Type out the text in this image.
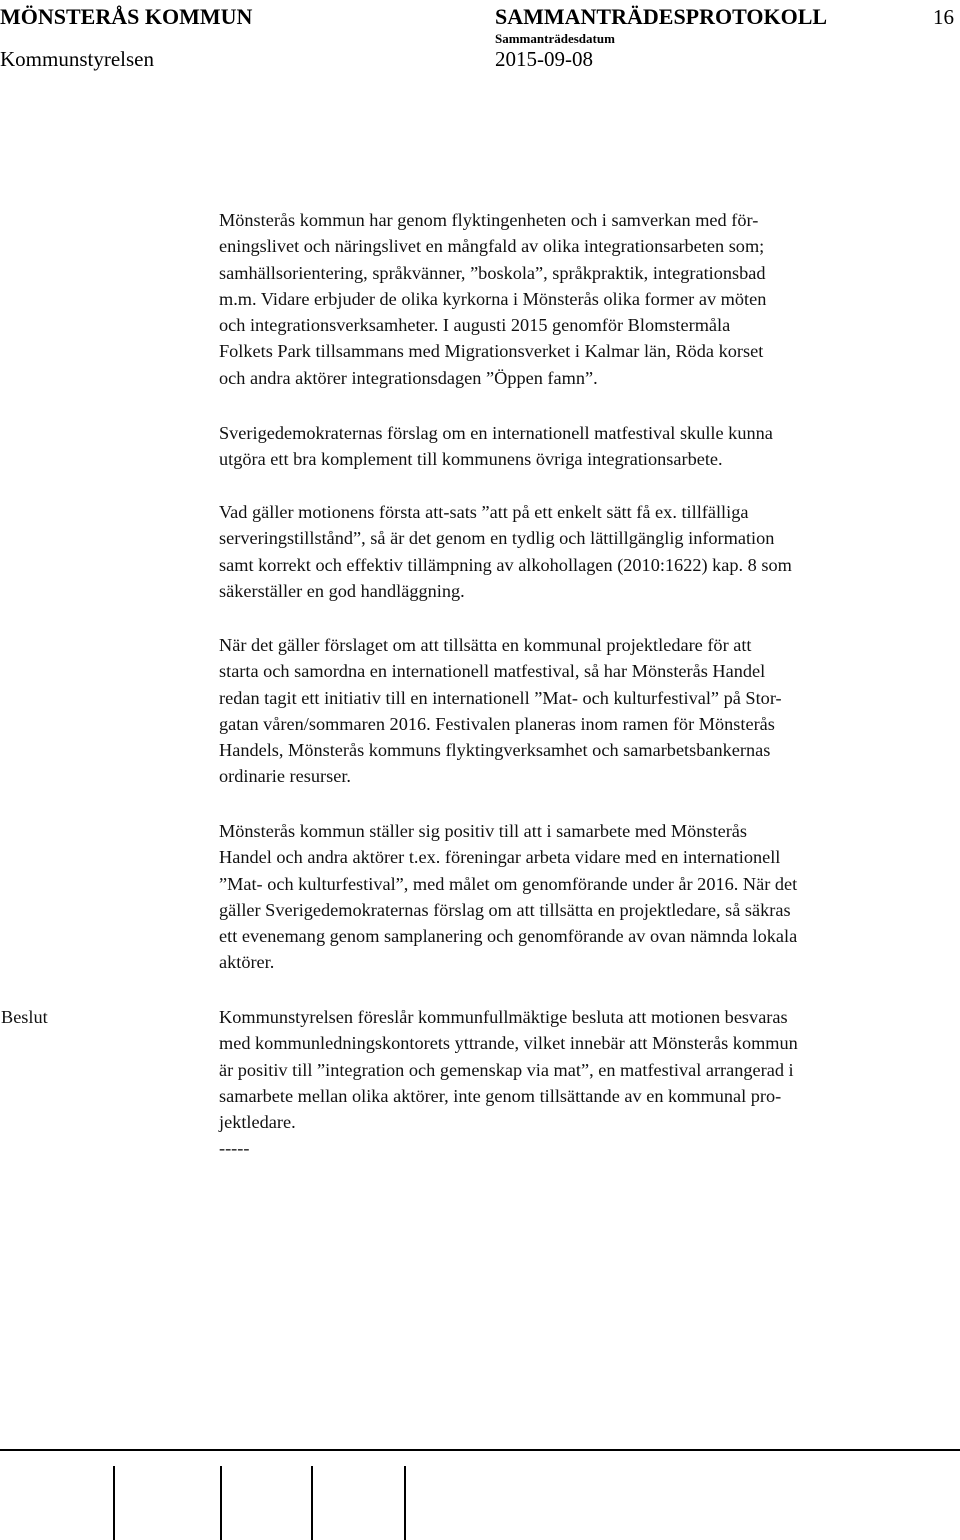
MÖNSTERÅS KOMMUN	SAMMANTRÄDESPROTOKOLL	16
Kommunstyrelsen
Sammanträdesdatum
2015-09-08
Mönsterås kommun har genom flyktingenheten och i samverkan med för-
eningslivet och näringslivet en mångfald av olika integrationsarbeten som;
samhällsorientering, språkvänner, ”boskola”, språkpraktik, integrationsbad
m.m. Vidare erbjuder de olika kyrkorna i Mönsterås olika former av möten
och integrationsverksamheter. I augusti 2015 genomför Blomstermåla
Folkets Park tillsammans med Migrationsverket i Kalmar län, Röda korset
och andra aktörer integrationsdagen ”Öppen famn”.
Sverigedemokraternas förslag om en internationell matfestival skulle kunna
utgöra ett bra komplement till kommunens övriga integrationsarbete.
Vad gäller motionens första att-sats ”att på ett enkelt sätt få ex. tillfälliga
serveringstillstånd”, så är det genom en tydlig och lättillgänglig information
samt korrekt och effektiv tillämpning av alkohollagen (2010:1622) kap. 8 som
säkerställer en god handläggning.
När det gäller förslaget om att tillsätta en kommunal projektledare för att
starta och samordna en internationell matfestival, så har Mönsterås Handel
redan tagit ett initiativ till en internationell ”Mat- och kulturfestival” på Stor-
gatan våren/sommaren 2016. Festivalen planeras inom ramen för Mönsterås
Handels, Mönsterås kommuns flyktingverksamhet och samarbetsbankernas
ordinarie resurser.
Mönsterås kommun ställer sig positiv till att i samarbete med Mönsterås
Handel och andra aktörer t.ex. föreningar arbeta vidare med en internationell
”Mat- och kulturfestival”, med målet om genomförande under år 2016. När det
gäller Sverigedemokraternas förslag om att tillsätta en projektledare, så säkras
ett evenemang genom samplanering och genomförande av ovan nämnda lokala
aktörer.
Beslut	Kommunstyrelsen föreslår kommunfullmäktige besluta att motionen besvaras
med kommunledningskontorets yttrande, vilket innebär att Mönsterås kommun
är positiv till ”integration och gemenskap via mat”, en matfestival arrangerad i
samarbete mellan olika aktörer, inte genom tillsättande av en kommunal pro-
jektledare.
-----
